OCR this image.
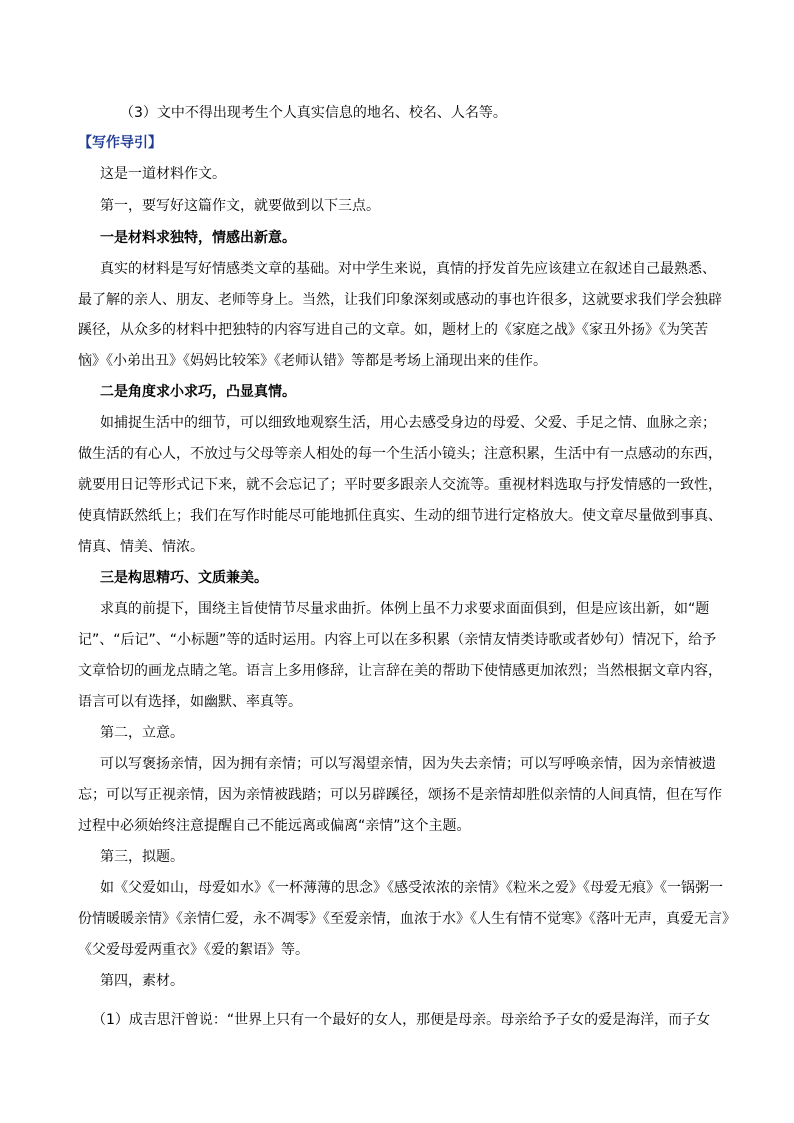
（3）文中不得出现考生个人真实信息的地名、校名、人名等。
【写作导引】
这是一道材料作文。
第一，要写好这篇作文，就要做到以下三点。
一是材料求独特，情感出新意。
真实的材料是写好情感类文章的基础。对中学生来说，真情的抒发首先应该建立在叙述自己最熟悉、
最了解的亲人、朋友、老师等身上。当然，让我们印象深刻或感动的事也许很多，这就要求我们学会独辟
蹊径，从众多的材料中把独特的内容写进自己的文章。如，题材上的《家庭之战》《家丑外扬》《为笑苦
恼》《小弟出丑》《妈妈比较笨》《老师认错》等都是考场上涌现出来的佳作。
二是角度求小求巧，凸显真情。
如捕捉生活中的细节，可以细致地观察生活，用心去感受身边的母爱、父爱、手足之情、血脉之亲；
做生活的有心人，不放过与父母等亲人相处的每一个生活小镜头；注意积累，生活中有一点感动的东西，
就要用日记等形式记下来，就不会忘记了；平时要多跟亲人交流等。重视材料选取与抒发情感的一致性，
使真情跃然纸上；我们在写作时能尽可能地抓住真实、生动的细节进行定格放大。使文章尽量做到事真、
情真、情美、情浓。
三是构思精巧、文质兼美。
求真的前提下，围绕主旨使情节尽量求曲折。体例上虽不力求要求面面俱到，但是应该出新，如“题
记”、“后记”、“小标题”等的适时运用。内容上可以在多积累（亲情友情类诗歌或者妙句）情况下，给予
文章恰切的画龙点睛之笔。语言上多用修辞，让言辞在美的帮助下使情感更加浓烈；当然根据文章内容，
语言可以有选择，如幽默、率真等。
第二，立意。
可以写褒扬亲情，因为拥有亲情；可以写渴望亲情，因为失去亲情；可以写呼唤亲情，因为亲情被遗
忘；可以写正视亲情，因为亲情被践踏；可以另辟蹊径，颂扬不是亲情却胜似亲情的人间真情，但在写作
过程中必须始终注意提醒自己不能远离或偏离“亲情”这个主题。
第三，拟题。
如《父爱如山，母爱如水》《一杯薄薄的思念》《感受浓浓的亲情》《粒米之爱》《母爱无痕》《一锅粥一
份情暖暖亲情》《亲情仁爱，永不凋零》《至爱亲情，血浓于水》《人生有情不觉寒》《落叶无声，真爱无言》
《父爱母爱两重衣》《爱的絮语》等。
第四，素材。
（1）成吉思汗曾说：“世界上只有一个最好的女人，那便是母亲。母亲给予子女的爱是海洋，而子女
